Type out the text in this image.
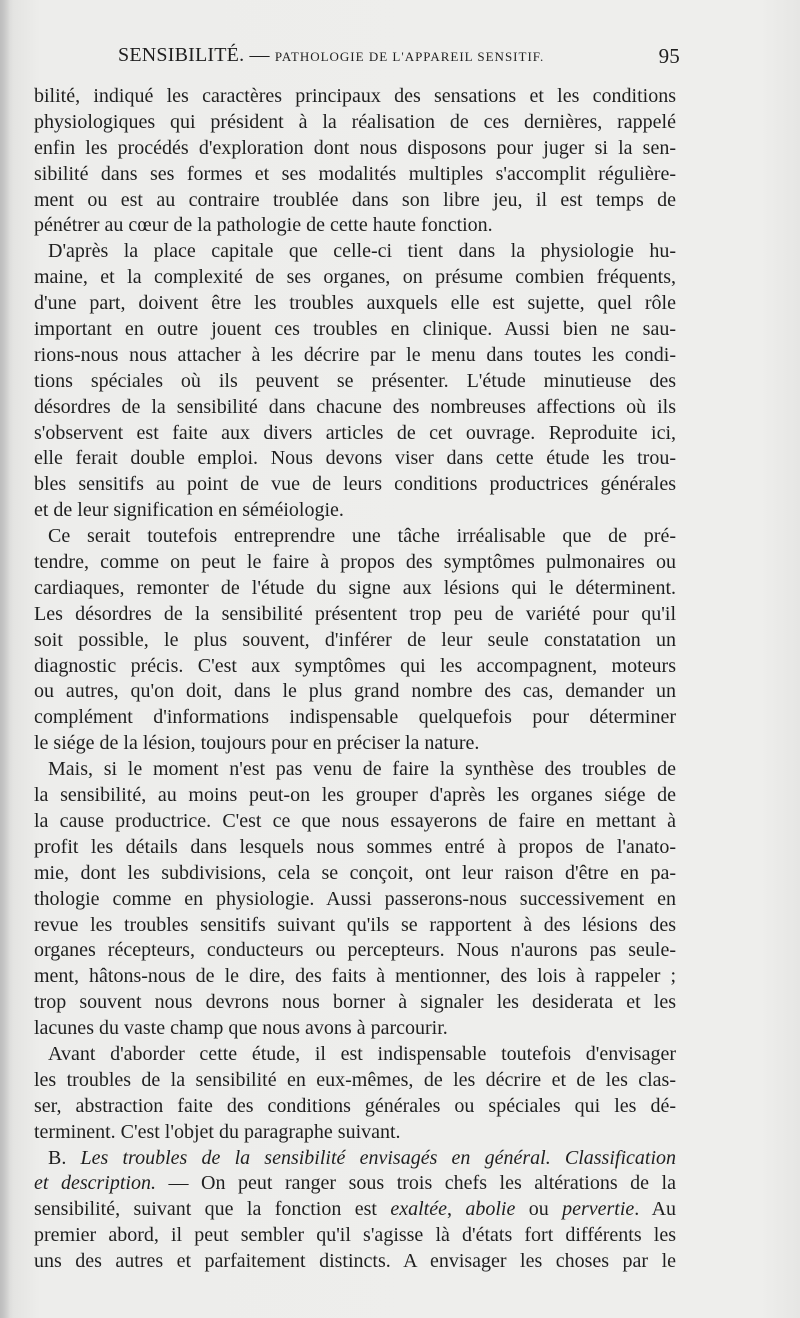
SENSIBILITÉ. — PATHOLOGIE DE L'APPAREIL SENSITIF.	95
bilité, indiqué les caractères principaux des sensations et les conditions
physiologiques qui président à la réalisation de ces dernières, rappelé
enfin les procédés d'exploration dont nous disposons pour juger si la sen-
sibilité dans ses formes et ses modalités multiples s'accomplit régulière-
ment ou est au contraire troublée dans son libre jeu, il est temps de
pénétrer au cœur de la pathologie de cette haute fonction.
D'après la place capitale que celle-ci tient dans la physiologie hu-
maine, et la complexité de ses organes, on présume combien fréquents,
d'une part, doivent être les troubles auxquels elle est sujette, quel rôle
important en outre jouent ces troubles en clinique. Aussi bien ne sau-
rions-nous nous attacher à les décrire par le menu dans toutes les condi-
tions spéciales où ils peuvent se présenter. L'étude minutieuse des
désordres de la sensibilité dans chacune des nombreuses affections où ils
s'observent est faite aux divers articles de cet ouvrage. Reproduite ici,
elle ferait double emploi. Nous devons viser dans cette étude les trou-
bles sensitifs au point de vue de leurs conditions productrices générales
et de leur signification en séméiologie.
Ce serait toutefois entreprendre une tâche irréalisable que de pré-
tendre, comme on peut le faire à propos des symptômes pulmonaires ou
cardiaques, remonter de l'étude du signe aux lésions qui le déterminent.
Les désordres de la sensibilité présentent trop peu de variété pour qu'il
soit possible, le plus souvent, d'inférer de leur seule constatation un
diagnostic précis. C'est aux symptômes qui les accompagnent, moteurs
ou autres, qu'on doit, dans le plus grand nombre des cas, demander un
complément d'informations indispensable quelquefois pour déterminer
le siége de la lésion, toujours pour en préciser la nature.
Mais, si le moment n'est pas venu de faire la synthèse des troubles de
la sensibilité, au moins peut-on les grouper d'après les organes siége de
la cause productrice. C'est ce que nous essayerons de faire en mettant à
profit les détails dans lesquels nous sommes entré à propos de l'anato-
mie, dont les subdivisions, cela se conçoit, ont leur raison d'être en pa-
thologie comme en physiologie. Aussi passerons-nous successivement en
revue les troubles sensitifs suivant qu'ils se rapportent à des lésions des
organes récepteurs, conducteurs ou percepteurs. Nous n'aurons pas seule-
ment, hâtons-nous de le dire, des faits à mentionner, des lois à rappeler ;
trop souvent nous devrons nous borner à signaler les desiderata et les
lacunes du vaste champ que nous avons à parcourir.
Avant d'aborder cette étude, il est indispensable toutefois d'envisager
les troubles de la sensibilité en eux-mêmes, de les décrire et de les clas-
ser, abstraction faite des conditions générales ou spéciales qui les dé-
terminent. C'est l'objet du paragraphe suivant.
B. Les troubles de la sensibilité envisagés en général. Classification
et description. — On peut ranger sous trois chefs les altérations de la
sensibilité, suivant que la fonction est exaltée, abolie ou pervertie. Au
premier abord, il peut sembler qu'il s'agisse là d'états fort différents les
uns des autres et parfaitement distincts. A envisager les choses par le
